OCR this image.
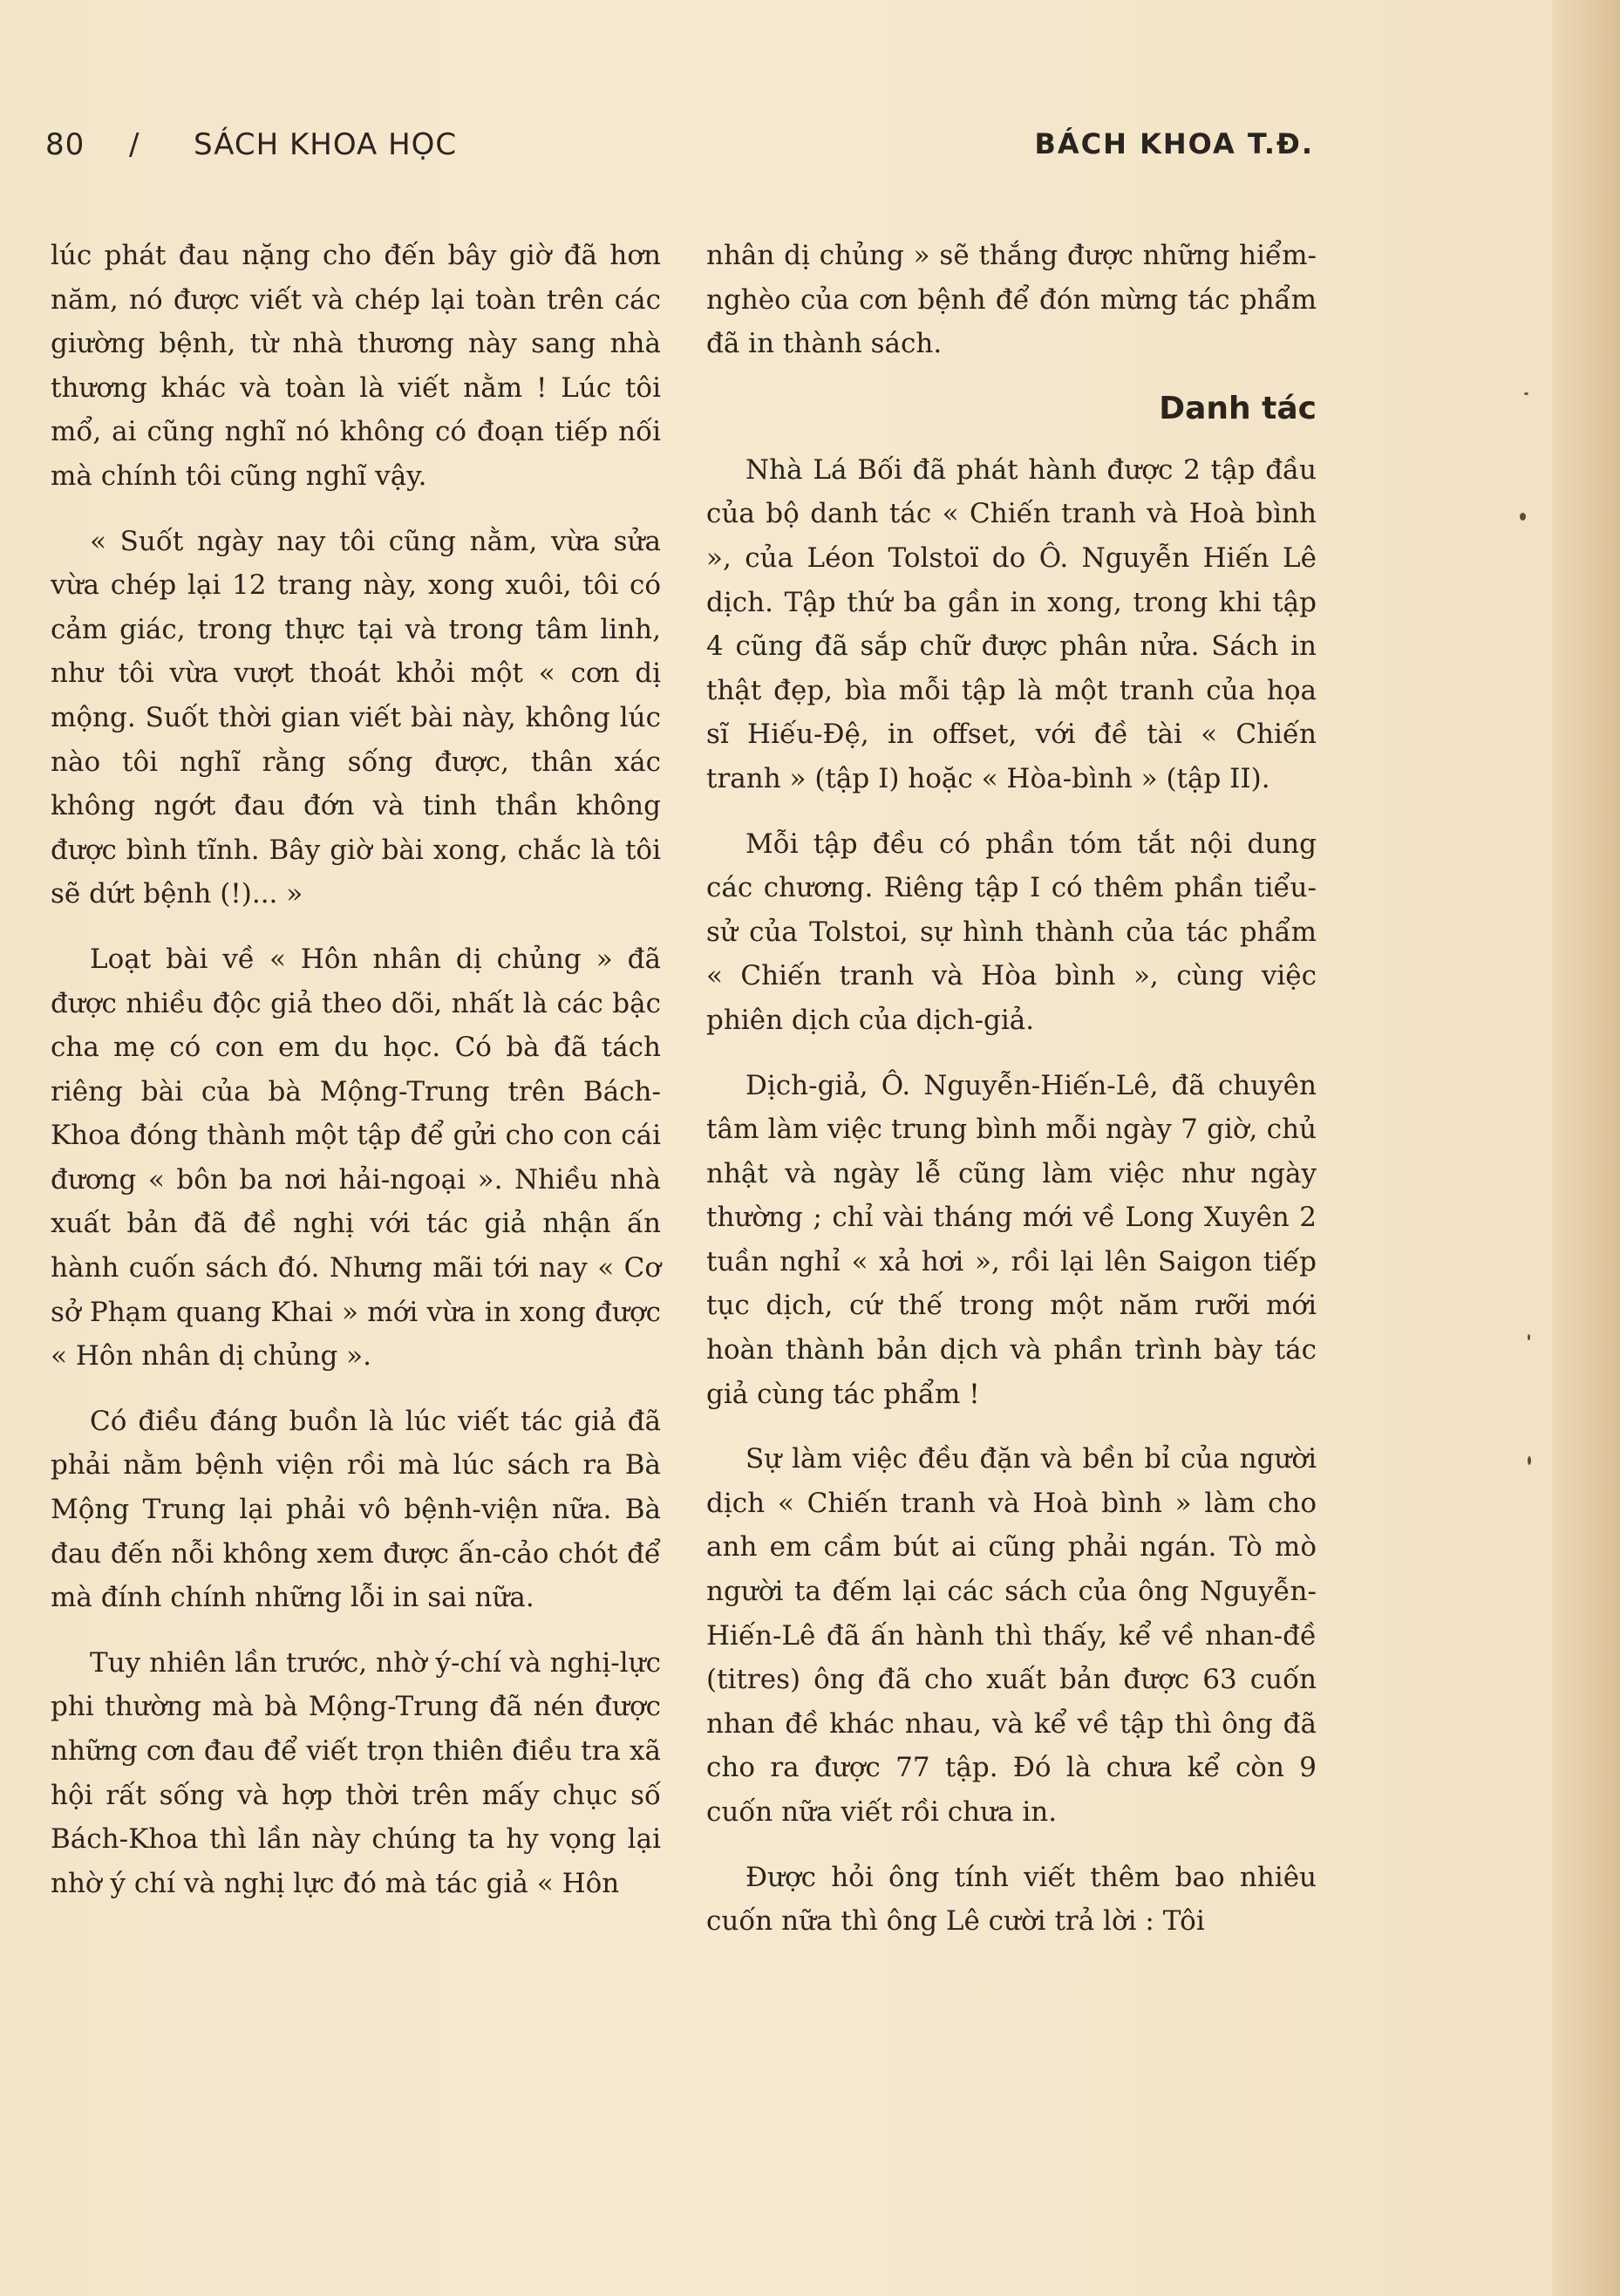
80 / SÁCH KHOA HỌC	BÁCH KHOA T.Đ.

lúc phát đau nặng cho đến bây giờ đã hơn năm, nó được viết và chép lại toàn trên các giường bệnh, từ nhà thương này sang nhà thương khác và toàn là viết nằm ! Lúc tôi mổ, ai cũng nghĩ nó không có đoạn tiếp nối mà chính tôi cũng nghĩ vậy.

« Suốt ngày nay tôi cũng nằm, vừa sửa vừa chép lại 12 trang này, xong xuôi, tôi có cảm giác, trong thực tại và trong tâm linh, như tôi vừa vượt thoát khỏi một « cơn dị mộng. Suốt thời gian viết bài này, không lúc nào tôi nghĩ rằng sống được, thân xác không ngớt đau đớn và tinh thần không được bình tĩnh. Bây giờ bài xong, chắc là tôi sẽ dứt bệnh (!)... »

Loạt bài về « Hôn nhân dị chủng » đã được nhiều độc giả theo dõi, nhất là các bậc cha mẹ có con em du học. Có bà đã tách riêng bài của bà Mộng-Trung trên Bách-Khoa đóng thành một tập để gửi cho con cái đương « bôn ba nơi hải-ngoại ». Nhiều nhà xuất bản đã đề nghị với tác giả nhận ấn hành cuốn sách đó. Nhưng mãi tới nay « Cơ sở Phạm quang Khai » mới vừa in xong được « Hôn nhân dị chủng ».

Có điều đáng buồn là lúc viết tác giả đã phải nằm bệnh viện rồi mà lúc sách ra Bà Mộng Trung lại phải vô bệnh-viện nữa. Bà đau đến nỗi không xem được ấn-cảo chót để mà đính chính những lỗi in sai nữa.

Tuy nhiên lần trước, nhờ ý-chí và nghị-lực phi thường mà bà Mộng-Trung đã nén được những cơn đau để viết trọn thiên điều tra xã hội rất sống và hợp thời trên mấy chục số Bách-Khoa thì lần này chúng ta hy vọng lại nhờ ý chí và nghị lực đó mà tác giả « Hôn

nhân dị chủng » sẽ thắng được những hiểm-nghèo của cơn bệnh để đón mừng tác phẩm đã in thành sách.

Danh tác

Nhà Lá Bối đã phát hành được 2 tập đầu của bộ danh tác « Chiến tranh và Hoà bình », của Léon Tolstoï do Ô. Nguyễn Hiến Lê dịch. Tập thứ ba gần in xong, trong khi tập 4 cũng đã sắp chữ được phân nửa. Sách in thật đẹp, bìa mỗi tập là một tranh của họa sĩ Hiếu-Đệ, in offset, với đề tài « Chiến tranh » (tập I) hoặc « Hòa-bình » (tập II).

Mỗi tập đều có phần tóm tắt nội dung các chương. Riêng tập I có thêm phần tiểu-sử của Tolstoi, sự hình thành của tác phẩm « Chiến tranh và Hòa bình », cùng việc phiên dịch của dịch-giả.

Dịch-giả, Ô. Nguyễn-Hiến-Lê, đã chuyên tâm làm việc trung bình mỗi ngày 7 giờ, chủ nhật và ngày lễ cũng làm việc như ngày thường ; chỉ vài tháng mới về Long Xuyên 2 tuần nghỉ « xả hơi », rồi lại lên Saigon tiếp tục dịch, cứ thế trong một năm rưỡi mới hoàn thành bản dịch và phần trình bày tác giả cùng tác phẩm !

Sự làm việc đều đặn và bền bỉ của người dịch « Chiến tranh và Hoà bình » làm cho anh em cầm bút ai cũng phải ngán. Tò mò người ta đếm lại các sách của ông Nguyễn-Hiến-Lê đã ấn hành thì thấy, kể về nhan-đề (titres) ông đã cho xuất bản được 63 cuốn nhan đề khác nhau, và kể về tập thì ông đã cho ra được 77 tập. Đó là chưa kể còn 9 cuốn nữa viết rồi chưa in.

Được hỏi ông tính viết thêm bao nhiêu cuốn nữa thì ông Lê cười trả lời : Tôi
